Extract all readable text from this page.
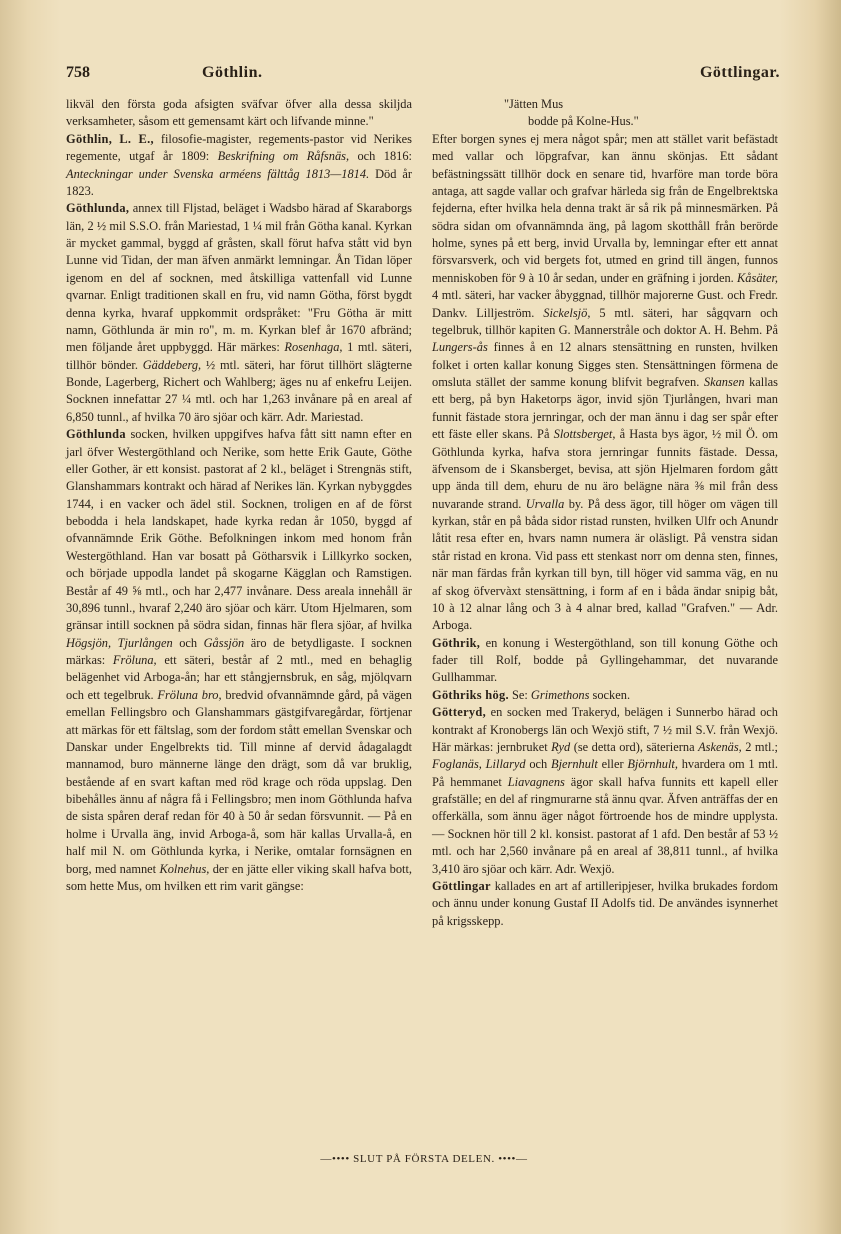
758	Göthlin.	Göttlingar.

likväl den första goda afsigten sväfvar öfver alla dessa skiljda verksamheter, såsom ett gemensamt kärt och lifvande minne."

Göthlin, L. E., filosofie-magister, regements-pastor vid Nerikes regemente, utgaf år 1809: Beskrifning om Råfsnäs, och 1816: Anteckningar under Svenska arméens fälttåg 1813—1814. Död år 1823.

Göthlunda, annex till Fljstad, beläget i Wadsbo härad af Skaraborgs län, 2 ½ mil S.S.O. från Mariestad, 1 ¼ mil från Götha kanal. Kyrkan är mycket gammal, byggd af gråsten, skall förut hafva stått vid byn Lunne vid Tidan, der man äfven anmärkt lemningar. Ån Tidan löper igenom en del af socknen, med åtskilliga vattenfall vid Lunne qvarnar. Enligt traditionen skall en fru, vid namn Götha, först bygdt denna kyrka, hvaraf uppkommit ordspråket: "Fru Götha är mitt namn, Göthlunda är min ro", m. m. Kyrkan blef år 1670 afbränd; men följande året uppbyggd. Här märkes: Rosenhaga, 1 mtl. säteri, tillhör bönder. Gäddeberg, ½ mtl. säteri, har förut tillhört slägterne Bonde, Lagerberg, Richert och Wahlberg; äges nu af enkefru Leijen. Socknen innefattar 27 ¼ mtl. och har 1,263 invånare på en areal af 6,850 tunnl., af hvilka 70 äro sjöar och kärr. Adr. Mariestad.

Göthlunda socken, hvilken uppgifves hafva fått sitt namn efter en jarl öfver Westergöthland och Nerike, som hette Erik Gaute, Göthe eller Gother, är ett konsist. pastorat af 2 kl., beläget i Strengnäs stift, Glanshammars kontrakt och härad af Nerikes län. Kyrkan nybyggdes 1744, i en vacker och ädel stil. Socknen, troligen en af de först bebodda i hela landskapet, hade kyrka redan år 1050, byggd af ofvannämnde Erik Göthe. Befolkningen inkom med honom från Westergöthland. Han var bosatt på Götharsvik i Lillkyrko socken, och började uppodla landet på skogarne Kägglan och Ramstigen. Består af 49 ⅝ mtl., och har 2,477 invånare. Dess areala innehåll är 30,896 tunnl., hvaraf 2,240 äro sjöar och kärr. Utom Hjelmaren, som gränsar intill socknen på södra sidan, finnas här flera sjöar, af hvilka Högsjön, Tjurlången och Gåssjön äro de betydligaste. I socknen märkas: Fröluna, ett säteri, består af 2 mtl., med en behaglig belägenhet vid Arboga-ån; har ett stångjernsbruk, en såg, mjölqvarn och ett tegelbruk. Fröluna bro, bredvid ofvannämnde gård, på vägen emellan Fellingsbro och Glanshammars gästgifvaregårdar, förtjenar att märkas för ett fältslag, som der fordom stått emellan Svenskar och Danskar under Engelbrekts tid. Till minne af dervid ådagalagdt mannamod, buro männerne länge den drägt, som då var bruklig, bestående af en svart kaftan med röd krage och röda uppslag. Den bibehålles ännu af några få i Fellingsbro; men inom Göthlunda hafva de sista spåren deraf redan för 40 à 50 år sedan försvunnit. — På en holme i Urvalla äng, invid Arboga-å, som här kallas Urvalla-å, en half mil N. om Göthlunda kyrka, i Nerike, omtalar fornsägnen en borg, med namnet Kolnehus, der en jätte eller viking skall hafva bott, som hette Mus, om hvilken ett rim varit gängse:

"Jätten Mus

bodde på Kolne-Hus."

Efter borgen synes ej mera något spår; men att stället varit befästadt med vallar och löpgrafvar, kan ännu skönjas. Ett sådant befästningssätt tillhör dock en senare tid, hvarföre man torde böra antaga, att sagde vallar och grafvar härleda sig från de Engelbrektska fejderna, efter hvilka hela denna trakt är så rik på minnesmärken. På södra sidan om ofvannämnda äng, på lagom skotthåll från berörde holme, synes på ett berg, invid Urvalla by, lemningar efter ett annat försvarsverk, och vid bergets fot, utmed en grind till ängen, funnos menniskoben för 9 à 10 år sedan, under en gräfning i jorden. Kåsäter, 4 mtl. säteri, har vacker åbyggnad, tillhör majorerne Gust. och Fredr. Dankv. Lilljeström. Sickelsjö, 5 mtl. säteri, har sågqvarn och tegelbruk, tillhör kapiten G. Mannerstråle och doktor A. H. Behm. På Lungers-ås finnes å en 12 alnars stensättning en runsten, hvilken folket i orten kallar konung Sigges sten. Stensättningen förmena de omsluta stället der samme konung blifvit begrafven. Skansen kallas ett berg, på byn Haketorps ägor, invid sjön Tjurlången, hvari man funnit fästade stora jernringar, och der man ännu i dag ser spår efter ett fäste eller skans. På Slottsberget, å Hasta bys ägor, ½ mil Ö. om Göthlunda kyrka, hafva stora jernringar funnits fästade. Dessa, äfvensom de i Skansberget, bevisa, att sjön Hjelmaren fordom gått upp ända till dem, ehuru de nu äro belägne nära ⅜ mil från dess nuvarande strand. Urvalla by. På dess ägor, till höger om vägen till kyrkan, står en på båda sidor ristad runsten, hvilken Ulfr och Anundr låtit resa efter en, hvars namn numera är oläsligt. På venstra sidan står ristad en krona. Vid pass ett stenkast norr om denna sten, finnes, när man färdas från kyrkan till byn, till höger vid samma väg, en nu af skog öfvervàxt stensättning, i form af en i båda ändar snipig båt, 10 à 12 alnar lång och 3 à 4 alnar bred, kallad "Grafven." — Adr. Arboga.

Göthrik, en konung i Westergöthland, son till konung Göthe och fader till Rolf, bodde på Gyllingehammar, det nuvarande Gullhammar.

Göthriks hög. Se: Grimethons socken.

Götteryd, en socken med Trakeryd, belägen i Sunnerbo härad och kontrakt af Kronobergs län och Wexjö stift, 7 ½ mil S.V. från Wexjö. Här märkas: jernbruket Ryd (se detta ord), säterierna Askenäs, 2 mtl.; Foglanäs, Lillaryd och Bjernhult eller Björnhult, hvardera om 1 mtl. På hemmanet Liavagnens ägor skall hafva funnits ett kapell eller grafställe; en del af ringmurarne stå ännu qvar. Äfven anträffas der en offerkälla, som ännu äger något förtroende hos de mindre upplysta. — Socknen hör till 2 kl. konsist. pastorat af 1 afd. Den består af 53 ½ mtl. och har 2,560 invånare på en areal af 38,811 tunnl., af hvilka 3,410 äro sjöar och kärr. Adr. Wexjö.

Göttlingar kallades en art af artilleripjeser, hvilka brukades fordom och ännu under konung Gustaf II Adolfs tid. De användes isynnerhet på krigsskepp.

—•••• SLUT PÅ FÖRSTA DELEN. ••••—
